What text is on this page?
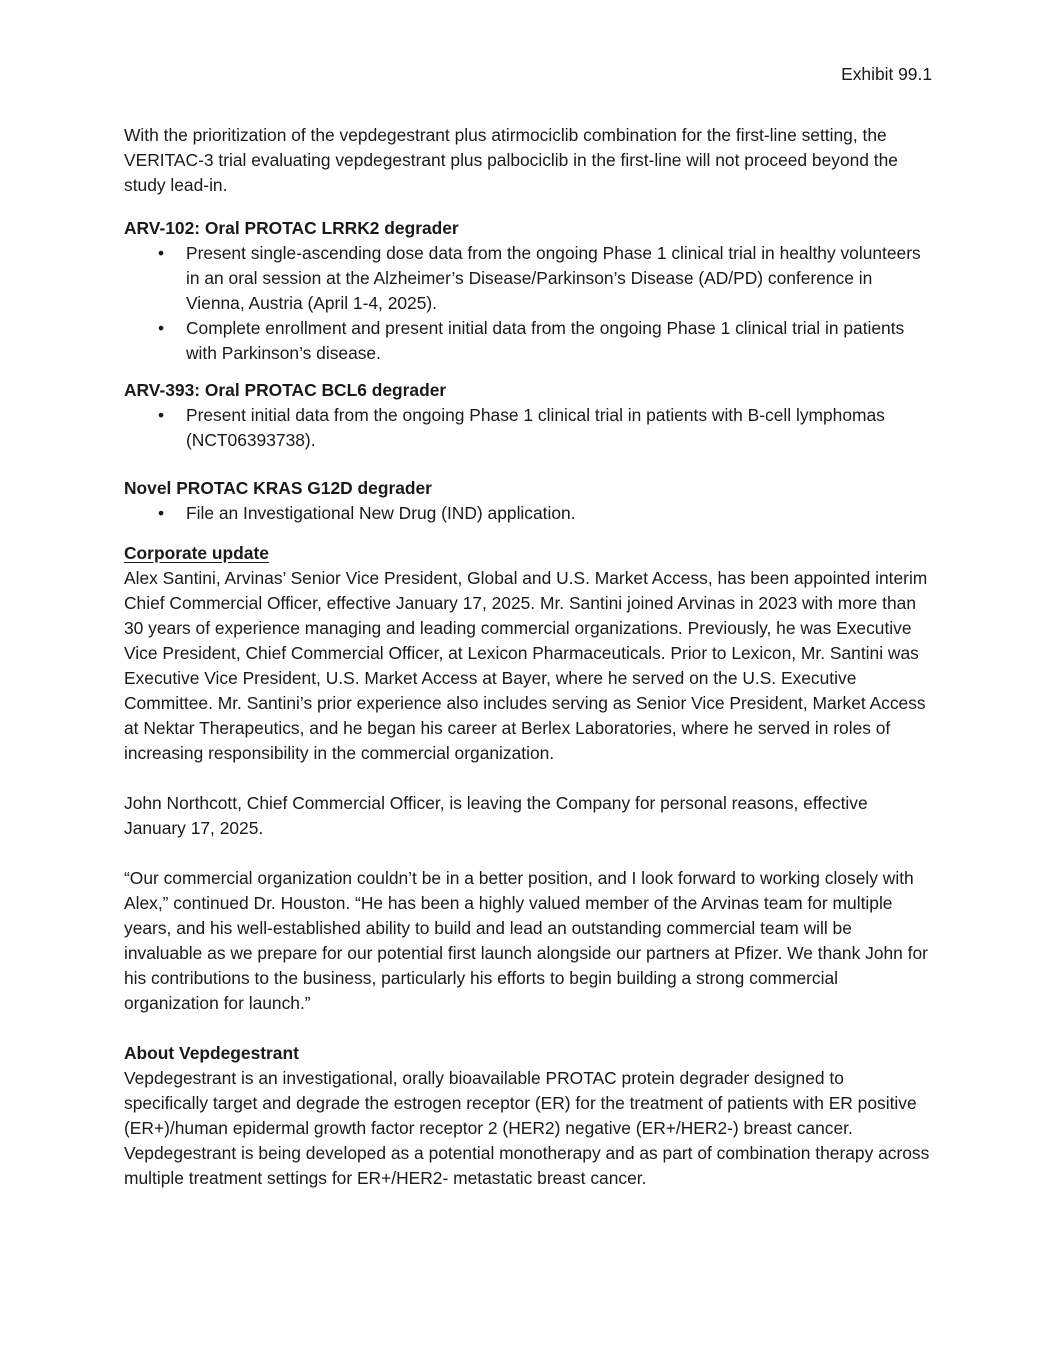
Exhibit 99.1

With the prioritization of the vepdegestrant plus atirmociclib combination for the first-line setting, the VERITAC-3 trial evaluating vepdegestrant plus palbociclib in the first-line will not proceed beyond the study lead-in.

ARV-102: Oral PROTAC LRRK2 degrader

• Present single-ascending dose data from the ongoing Phase 1 clinical trial in healthy volunteers in an oral session at the Alzheimer’s Disease/Parkinson’s Disease (AD/PD) conference in Vienna, Austria (April 1-4, 2025).
• Complete enrollment and present initial data from the ongoing Phase 1 clinical trial in patients with Parkinson’s disease.

ARV-393: Oral PROTAC BCL6 degrader

• Present initial data from the ongoing Phase 1 clinical trial in patients with B-cell lymphomas (NCT06393738).

Novel PROTAC KRAS G12D degrader

• File an Investigational New Drug (IND) application.

Corporate update

Alex Santini, Arvinas’ Senior Vice President, Global and U.S. Market Access, has been appointed interim Chief Commercial Officer, effective January 17, 2025. Mr. Santini joined Arvinas in 2023 with more than 30 years of experience managing and leading commercial organizations. Previously, he was Executive Vice President, Chief Commercial Officer, at Lexicon Pharmaceuticals. Prior to Lexicon, Mr. Santini was Executive Vice President, U.S. Market Access at Bayer, where he served on the U.S. Executive Committee. Mr. Santini’s prior experience also includes serving as Senior Vice President, Market Access at Nektar Therapeutics, and he began his career at Berlex Laboratories, where he served in roles of increasing responsibility in the commercial organization.

John Northcott, Chief Commercial Officer, is leaving the Company for personal reasons, effective January 17, 2025.

“Our commercial organization couldn’t be in a better position, and I look forward to working closely with Alex,” continued Dr. Houston. “He has been a highly valued member of the Arvinas team for multiple years, and his well-established ability to build and lead an outstanding commercial team will be invaluable as we prepare for our potential first launch alongside our partners at Pfizer. We thank John for his contributions to the business, particularly his efforts to begin building a strong commercial organization for launch.”

About Vepdegestrant

Vepdegestrant is an investigational, orally bioavailable PROTAC protein degrader designed to specifically target and degrade the estrogen receptor (ER) for the treatment of patients with ER positive (ER+)/human epidermal growth factor receptor 2 (HER2) negative (ER+/HER2-) breast cancer. Vepdegestrant is being developed as a potential monotherapy and as part of combination therapy across multiple treatment settings for ER+/HER2- metastatic breast cancer.
